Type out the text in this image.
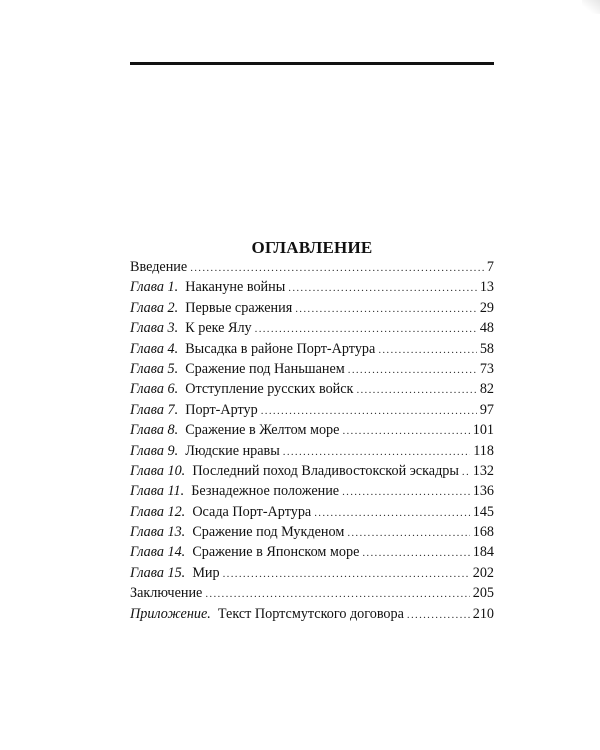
ОГЛАВЛЕНИЕ
Введение .....	7
Глава 1. Накануне войны .....	13
Глава 2. Первые сражения .....	29
Глава 3. К реке Ялу .....	48
Глава 4. Высадка в районе Порт-Артура .....	58
Глава 5. Сражение под Наньшанем .....	73
Глава 6. Отступление русских войск .....	82
Глава 7. Порт-Артур .....	97
Глава 8. Сражение в Желтом море .....	101
Глава 9. Людские нравы .....	118
Глава 10. Последний поход Владивостокской эскадры ..... 132
Глава 11. Безнадежное положение .....	136
Глава 12. Осада Порт-Артура .....	145
Глава 13. Сражение под Мукденом .....	168
Глава 14. Сражение в Японском море .....	184
Глава 15. Мир .....	202
Заключение .....	205
Приложение. Текст Портсмутского договора .....	210
